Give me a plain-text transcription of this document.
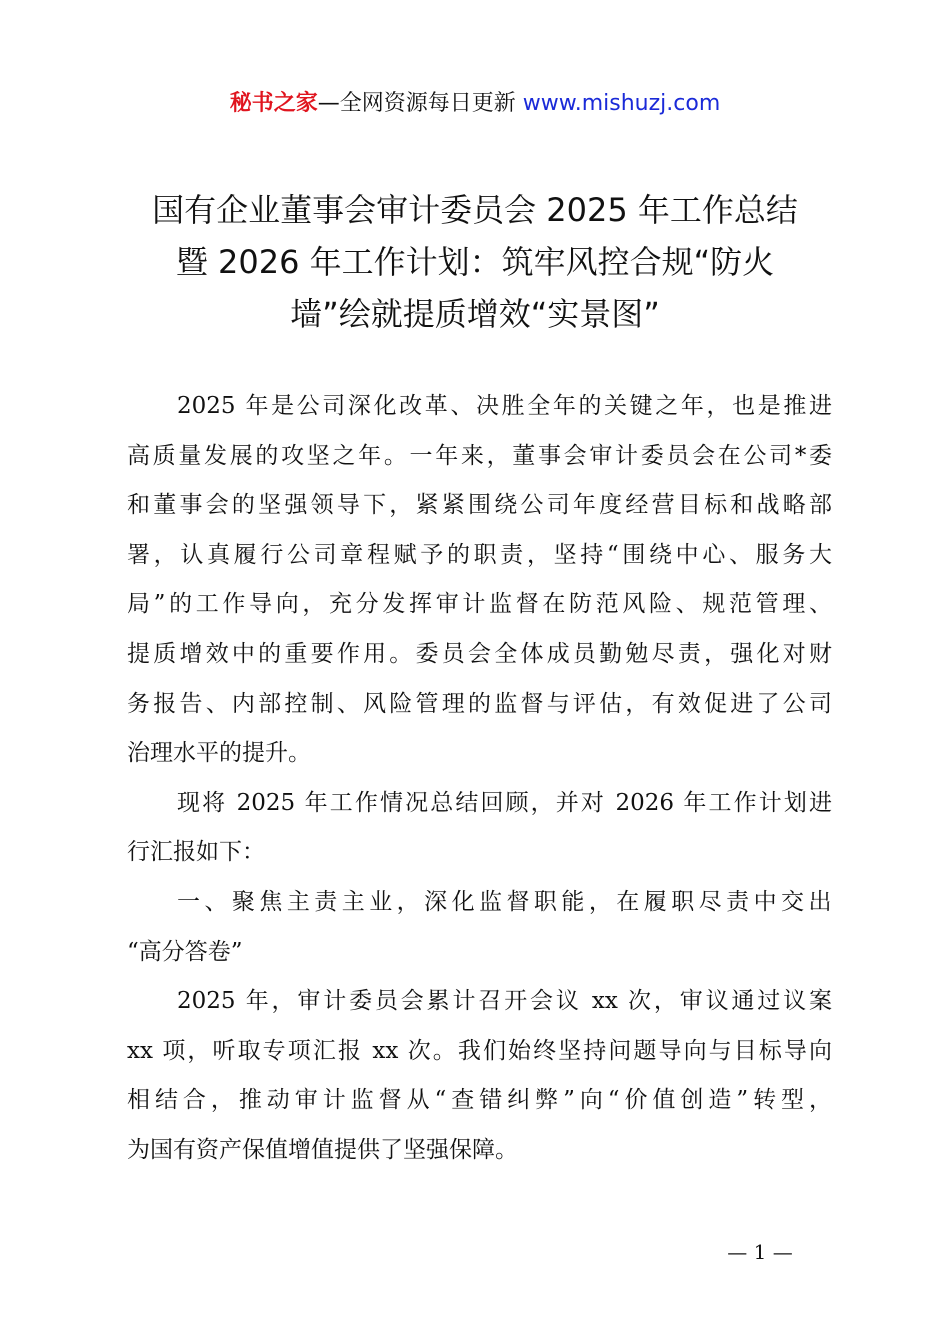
秘书之家—全网资源每日更新 www.mishuzj.com
国有企业董事会审计委员会 2025 年工作总结
暨 2026 年工作计划：筑牢风控合规“防火
墙”绘就提质增效“实景图”
2025 年是公司深化改革、决胜全年的关键之年，也是推进
高质量发展的攻坚之年。一年来，董事会审计委员会在公司*委
和董事会的坚强领导下，紧紧围绕公司年度经营目标和战略部
署，认真履行公司章程赋予的职责，坚持“围绕中心、服务大
局”的工作导向，充分发挥审计监督在防范风险、规范管理、
提质增效中的重要作用。委员会全体成员勤勉尽责，强化对财
务报告、内部控制、风险管理的监督与评估，有效促进了公司
治理水平的提升。
现将 2025 年工作情况总结回顾，并对 2026 年工作计划进
行汇报如下：
一、聚焦主责主业，深化监督职能，在履职尽责中交出
“高分答卷”
2025 年，审计委员会累计召开会议 xx 次，审议通过议案
xx 项，听取专项汇报 xx 次。我们始终坚持问题导向与目标导向
相结合，推动审计监督从“查错纠弊”向“价值创造”转型，
为国有资产保值增值提供了坚强保障。
— 1 —
